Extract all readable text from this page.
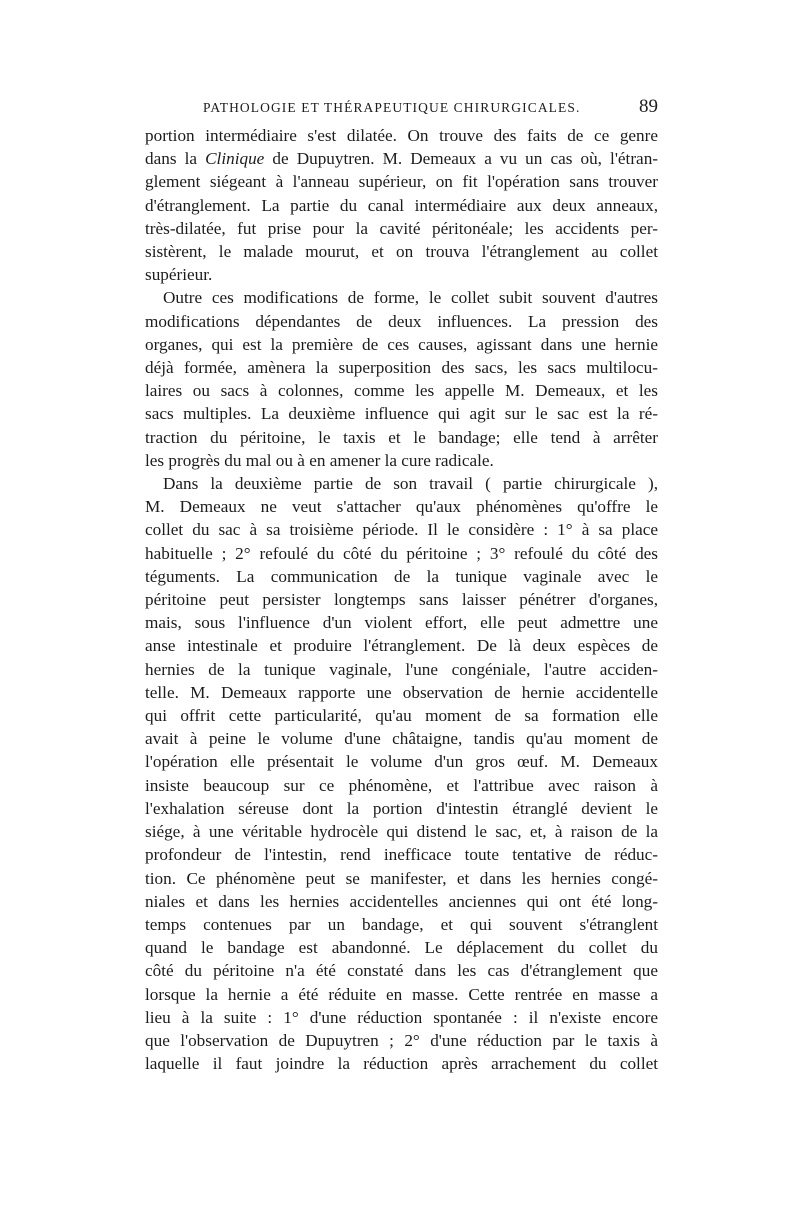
PATHOLOGIE ET THÉRAPEUTIQUE CHIRURGICALES.	89

portion intermédiaire s'est dilatée. On trouve des faits de ce genre
dans la Clinique de Dupuytren. M. Demeaux a vu un cas où, l'étran-
glement siégeant à l'anneau supérieur, on fit l'opération sans trouver
d'étranglement. La partie du canal intermédiaire aux deux anneaux,
très-dilatée, fut prise pour la cavité péritonéale; les accidents per-
sistèrent, le malade mourut, et on trouva l'étranglement au collet
supérieur.

Outre ces modifications de forme, le collet subit souvent d'autres
modifications dépendantes de deux influences. La pression des
organes, qui est la première de ces causes, agissant dans une hernie
déjà formée, amènera la superposition des sacs, les sacs multilocu-
laires ou sacs à colonnes, comme les appelle M. Demeaux, et les
sacs multiples. La deuxième influence qui agit sur le sac est la ré-
traction du péritoine, le taxis et le bandage; elle tend à arrêter
les progrès du mal ou à en amener la cure radicale.

Dans la deuxième partie de son travail ( partie chirurgicale ),
M. Demeaux ne veut s'attacher qu'aux phénomènes qu'offre le
collet du sac à sa troisième période. Il le considère : 1° à sa place
habituelle ; 2° refoulé du côté du péritoine ; 3° refoulé du côté des
téguments. La communication de la tunique vaginale avec le
péritoine peut persister longtemps sans laisser pénétrer d'organes,
mais, sous l'influence d'un violent effort, elle peut admettre une
anse intestinale et produire l'étranglement. De là deux espèces de
hernies de la tunique vaginale, l'une congéniale, l'autre acciden-
telle. M. Demeaux rapporte une observation de hernie accidentelle
qui offrit cette particularité, qu'au moment de sa formation elle
avait à peine le volume d'une châtaigne, tandis qu'au moment de
l'opération elle présentait le volume d'un gros œuf. M. Demeaux
insiste beaucoup sur ce phénomène, et l'attribue avec raison à
l'exhalation séreuse dont la portion d'intestin étranglé devient le
siége, à une véritable hydrocèle qui distend le sac, et, à raison de la
profondeur de l'intestin, rend inefficace toute tentative de réduc-
tion. Ce phénomène peut se manifester, et dans les hernies congé-
niales et dans les hernies accidentelles anciennes qui ont été long-
temps contenues par un bandage, et qui souvent s'étranglent
quand le bandage est abandonné. Le déplacement du collet du
côté du péritoine n'a été constaté dans les cas d'étranglement que
lorsque la hernie a été réduite en masse. Cette rentrée en masse a
lieu à la suite : 1° d'une réduction spontanée : il n'existe encore
que l'observation de Dupuytren ; 2° d'une réduction par le taxis à
laquelle il faut joindre la réduction après arrachement du collet
